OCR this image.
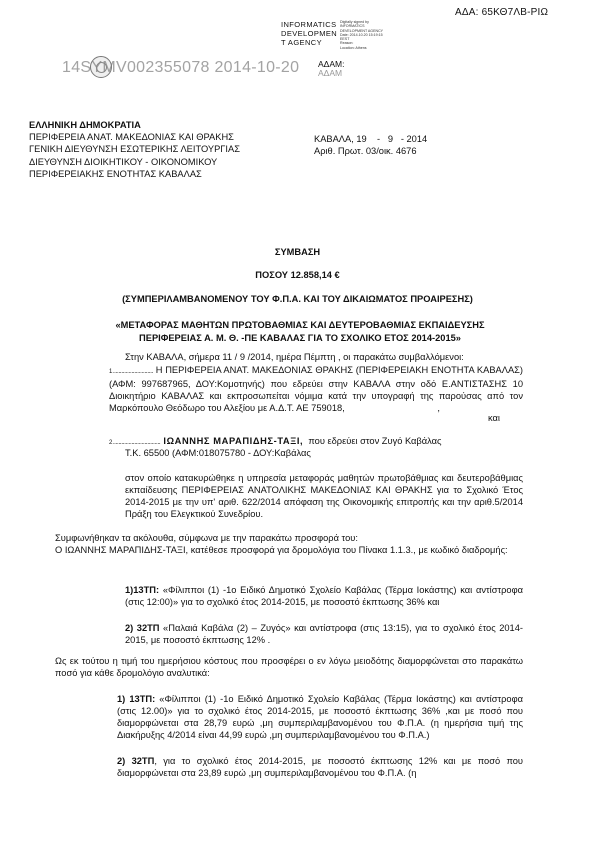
ΑΔΑ: 65ΚΘ7ΛΒ-ΡΙΩ
INFORMATICS
DEVELOPMEN
T AGENCY
Digitally signed by
INFORMATICS
DEVELOPMENT AGENCY
Date: 2014.10.20 15:19:15
EEST
Reason:
Location: Athens
ΑΔΑΜ:
ΑΔΑΜ
14SYMV002355078 2014-10-20
ΕΛΛΗΝΙΚΗ ΔΗΜΟΚΡΑΤΙΑ
ΠΕΡΙΦΕΡΕΙΑ ΑΝΑΤ. ΜΑΚΕΔΟΝΙΑΣ ΚΑΙ ΘΡΑΚΗΣ
ΓΕΝΙΚΗ ΔΙΕΥΘΥΝΣΗ ΕΣΩΤΕΡΙΚΗΣ ΛΕΙΤΟΥΡΓΙΑΣ
ΔΙΕΥΘΥΝΣΗ ΔΙΟΙΚΗΤΙΚΟΥ - ΟΙΚΟΝΟΜΙΚΟΥ
ΠΕΡΙΦΕΡΕΙΑΚΗΣ ΕΝΟΤΗΤΑΣ ΚΑΒΑΛΑΣ
ΚΑΒΑΛΑ, 19    -   9   - 2014
Αριθ. Πρωτ. 03/οικ. 4676
ΣΥΜΒΑΣΗ
ΠΟΣΟΥ 12.858,14 €
(ΣΥΜΠΕΡΙΛΑΜΒΑΝΟΜΕΝΟΥ ΤΟΥ Φ.Π.Α. ΚΑΙ ΤΟΥ ΔΙΚΑΙΩΜΑΤΟΣ ΠΡΟΑΙΡΕΣΗΣ)
«ΜΕΤΑΦΟΡΑΣ ΜΑΘΗΤΩΝ ΠΡΩΤΟΒΑΘΜΙΑΣ ΚΑΙ ΔΕΥΤΕΡΟΒΑΘΜΙΑΣ ΕΚΠΑΙΔΕΥΣΗΣ
ΠΕΡΙΦΕΡΕΙΑΣ Α. Μ. Θ. -ΠΕ ΚΑΒΑΛΑΣ ΓΙΑ ΤΟ ΣΧΟΛΙΚΟ ΕΤΟΣ 2014-2015»
Στην ΚΑΒΑΛΑ, σήμερα 11 / 9 /2014, ημέρα Πέμπτη , οι παρακάτω συμβαλλόμενοι:
1............................ Η ΠΕΡΙΦΕΡΕΙΑ ΑΝΑΤ. ΜΑΚΕΔΟΝΙΑΣ ΘΡΑΚΗΣ (ΠΕΡΙΦΕΡΕΙΑΚΗ ΕΝΟΤΗΤΑ ΚΑΒΑΛΑΣ) (ΑΦΜ: 997687965, ΔΟΥ:Κομοτηνής) που εδρεύει στην ΚΑΒΑΛΑ στην οδό Ε.ΑΝΤΙΣΤΑΣΗΣ 10 Διοικητήριο ΚΑΒΑΛΑΣ και εκπροσωπείται νόμιμα κατά την υπογραφή της παρούσας από τον Μαρκόπουλο Θεόδωρο του Αλεξίου με Α.Δ.Τ. ΑΕ 759018,	,
και
2................................. ΙΩΑΝΝΗΣ ΜΑΡΑΠΙΔΗΣ-ΤΑΞΙ,  που εδρεύει στον Ζυγό Καβάλας
Τ.Κ. 65500 (ΑΦΜ:018075780 - ΔΟΥ:Καβάλας
στον οποίο κατακυρώθηκε η υπηρεσία μεταφοράς μαθητών πρωτοβάθμιας και δευτεροβάθμιας εκπαίδευσης ΠΕΡΙΦΕΡΕΙΑΣ ΑΝΑΤΟΛΙΚΗΣ ΜΑΚΕΔΟΝΙΑΣ ΚΑΙ ΘΡΑΚΗΣ για το Σχολικό Έτος 2014-2015 με την υπ' αριθ. 622/2014 απόφαση της Οικονομικής επιτροπής και την αριθ.5/2014 Πράξη του Ελεγκτικού Συνεδρίου.
Συμφωνήθηκαν τα ακόλουθα, σύμφωνα με την παρακάτω προσφορά του:
Ο ΙΩΑΝΝΗΣ ΜΑΡΑΠΙΔΗΣ-ΤΑΞΙ, κατέθεσε προσφορά για δρομολόγια του Πίνακα 1.1.3., με κωδικό διαδρομής:
1)13ΤΠ: «Φίλιπποι (1) -1ο Ειδικό Δημοτικό Σχολείο Καβάλας (Τέρμα Ιοκάστης) και αντίστροφα (στις 12:00)» για το σχολικό έτος 2014-2015, με ποσοστό έκπτωσης 36% και
2) 32ΤΠ «Παλαιά Καβάλα (2) – Ζυγός» και αντίστροφα (στις 13:15), για το σχολικό έτος 2014-2015, με ποσοστό έκπτωσης 12% .
Ως εκ τούτου η τιμή του ημερήσιου κόστους που προσφέρει ο εν λόγω μειοδότης διαμορφώνεται στο παρακάτω ποσό για κάθε δρομολόγιο αναλυτικά:
1) 13ΤΠ: «Φίλιπποι (1) -1ο Ειδικό Δημοτικό Σχολείο Καβάλας (Τέρμα Ιοκάστης) και αντίστροφα (στις 12.00)» για το σχολικό έτος 2014-2015, με ποσοστό έκπτωσης 36% ,και με ποσό που διαμορφώνεται στα 28,79 ευρώ ,μη συμπεριλαμβανομένου του Φ.Π.Α. (η ημερήσια τιμή της Διακήρυξης 4/2014 είναι 44,99 ευρώ ,μη συμπεριλαμβανομένου του Φ.Π.Α.)
2) 32ΤΠ, για το σχολικό έτος 2014-2015, με ποσοστό έκπτωσης 12% και με ποσό που διαμορφώνεται στα 23,89 ευρώ ,μη συμπεριλαμβανομένου του Φ.Π.Α. (η
